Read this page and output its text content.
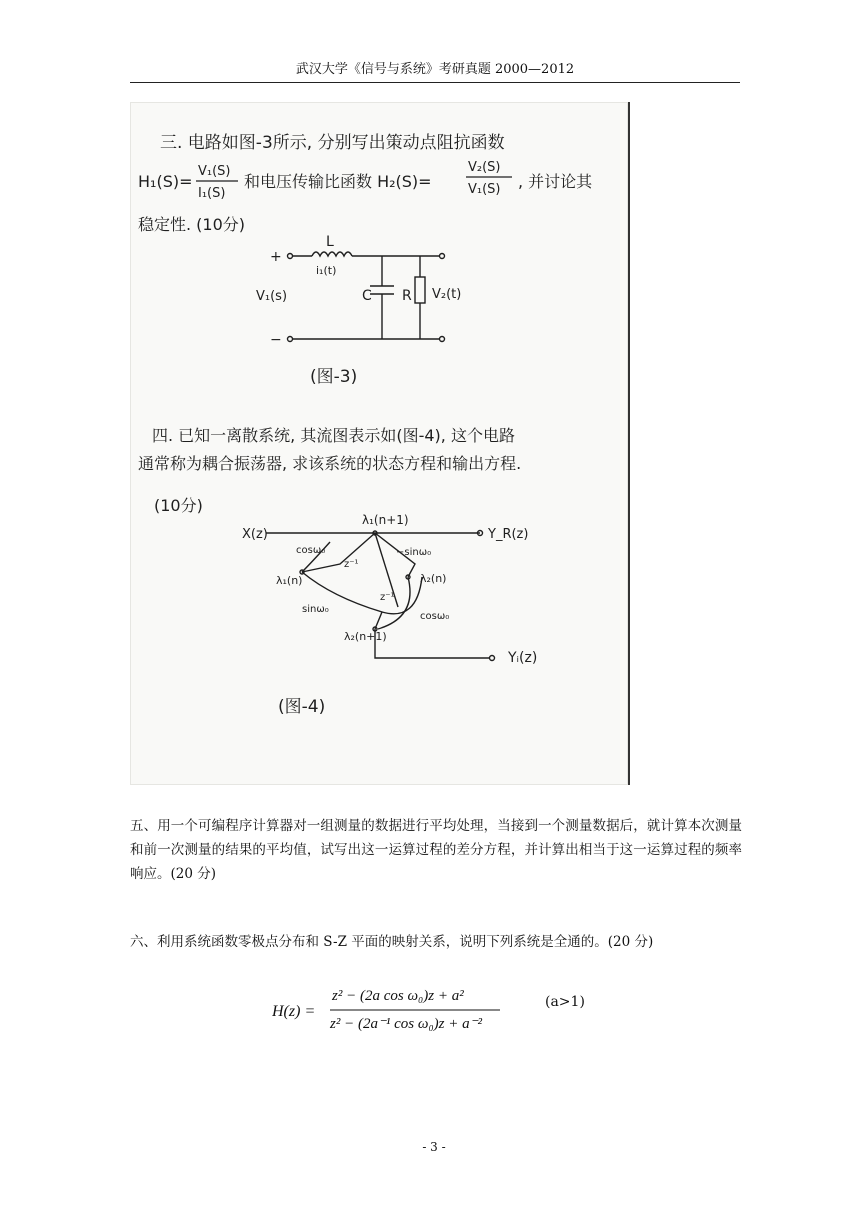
武汉大学《信号与系统》考研真题 2000—2012
三. 电路如图-3所示, 分别写出策动点阻抗函数
H₁(S)=
V₁(S)
I₁(S)
和电压传输比函数 H₂(S)=
V₂(S)
V₁(S) , 并讨论其
稳定性. (10分)
+
−
L
i₁(t)
V₁(s)	C R V₂(t)
(图-3)
四. 已知一离散系统, 其流图表示如(图-4), 这个电路
通常称为耦合振荡器, 求该系统的状态方程和输出方程.
(10分)
X(z)
λ₁(n+1)
Y_R(z)
cosω₀	−sinω₀
z⁻¹
λ₂(n)
λ₁(n)
z⁻¹
sinω₀
cosω₀
λ₂(n+1)
Yᵢ(z)
(图-4)
五、用一个可编程序计算器对一组测量的数据进行平均处理，当接到一个测量数据后，就计算本次测量和前一次测量的结果的平均值，试写出这一运算过程的差分方程，并计算出相当于这一运算过程的频率响应。(20 分)
六、利用系统函数零极点分布和 S-Z 平面的映射关系，说明下列系统是全通的。(20 分)
H(z) =
z² − (2a cos ω₀)z + a²
z² − (2a⁻¹ cos ω₀)z + a⁻²
(a>1)
- 3 -
